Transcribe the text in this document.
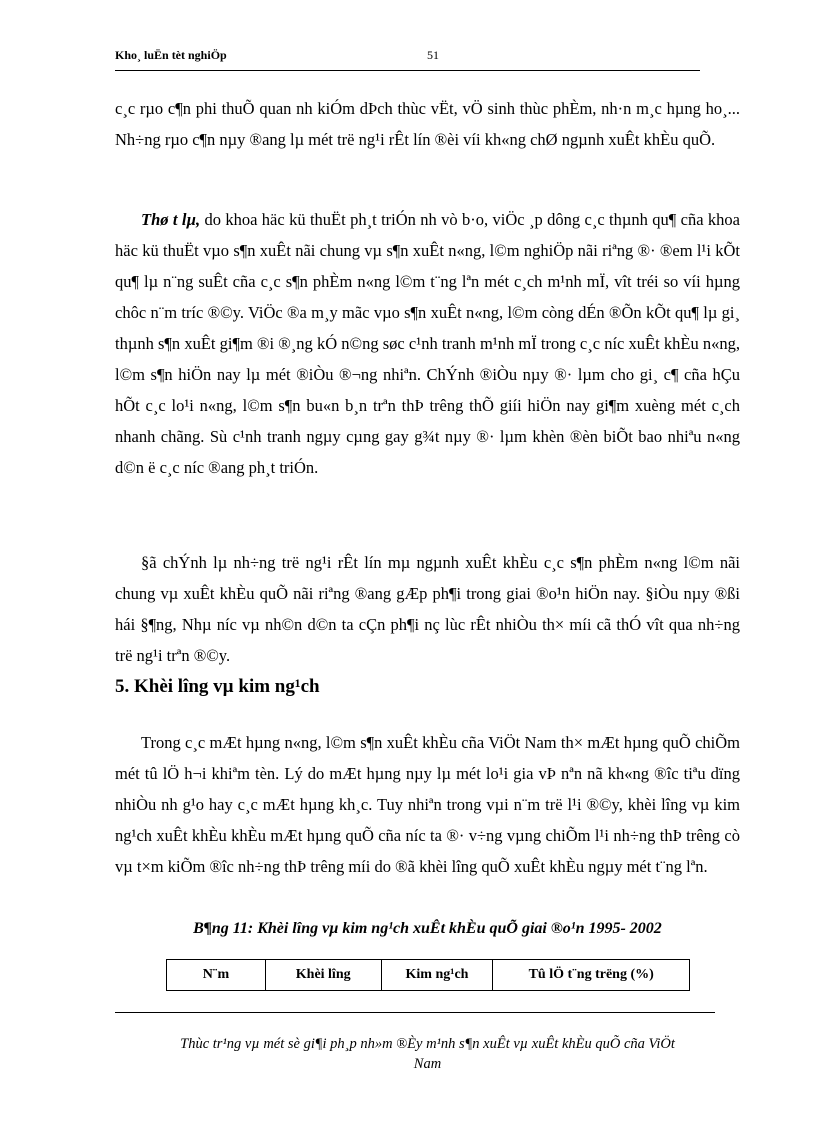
Kho¸ luËn tèt nghiÖp	51

c¸c rµo c¶n phi thuÕ quan nh kiÓm dÞch thùc vËt, vÖ sinh thùc phÈm, nh·n m¸c hµng ho¸... Nh÷ng rµo c¶n nµy ®ang lµ mét trë ng¹i rÊt lín ®èi víi kh«ng chØ ngµnh xuÊt khÈu quÕ.

Thø t lµ, do khoa häc kü thuËt ph¸t triÓn nh vò b·o, viÖc ¸p dông c¸c thµnh qu¶ cña khoa häc kü thuËt vµo s¶n xuÊt nãi chung vµ s¶n xuÊt n«ng, l©m nghiÖp nãi riªng ®· ®em l¹i kÕt qu¶ lµ n¨ng suÊt cña c¸c s¶n phÈm n«ng l©m t¨ng lªn mét c¸ch m¹nh mÏ, vît tréi so víi hµng chôc n¨m tríc ®©y. ViÖc ®a m¸y mãc vµo s¶n xuÊt n«ng, l©m còng dÉn ®Õn kÕt qu¶ lµ gi¸ thµnh s¶n xuÊt gi¶m ®i ®¸ng kÓ n©ng søc c¹nh tranh m¹nh mÏ trong c¸c níc xuÊt khÈu n«ng, l©m s¶n hiÖn nay lµ mét ®iÒu ®¬ng nhiªn. ChÝnh ®iÒu nµy ®· lµm cho gi¸ c¶ cña hÇu hÕt c¸c lo¹i n«ng, l©m s¶n bu«n b¸n trªn thÞ trêng thÕ giíi hiÖn nay gi¶m xuèng mét c¸ch nhanh chãng. Sù c¹nh tranh ngµy cµng gay g¾t nµy ®· lµm khèn ®èn biÕt bao nhiªu n«ng d©n ë c¸c níc ®ang ph¸t triÓn.

§ã chÝnh lµ nh÷ng trë ng¹i rÊt lín mµ ngµnh xuÊt khÈu c¸c s¶n phÈm n«ng l©m nãi chung vµ xuÊt khÈu quÕ nãi riªng ®ang gÆp ph¶i trong giai ®o¹n hiÖn nay. §iÒu nµy ®ßi hái §¶ng, Nhµ níc vµ nh©n d©n ta cÇn ph¶i nç lùc rÊt nhiÒu th× míi cã thÓ vît qua nh÷ng trë ng¹i trªn ®©y.

5. Khèi lîng vµ kim ng¹ch

Trong c¸c mÆt hµng n«ng, l©m s¶n xuÊt khÈu cña ViÖt Nam th× mÆt hµng quÕ chiÕm mét tû lÖ h¬i khiªm tèn. Lý do mÆt hµng nµy lµ mét lo¹i gia vÞ nªn nã kh«ng ®îc tiªu dïng nhiÒu nh g¹o hay c¸c mÆt hµng kh¸c. Tuy nhiªn trong vµi n¨m trë l¹i ®©y, khèi lîng vµ kim ng¹ch xuÊt khÈu khÈu mÆt hµng quÕ cña níc ta ®· v÷ng vµng chiÕm l¹i nh÷ng thÞ trêng cò vµ t×m kiÕm ®îc nh÷ng thÞ trêng míi do ®ã khèi lîng quÕ xuÊt khÈu ngµy mét t¨ng lªn.

B¶ng 11: Khèi lîng vµ kim ng¹ch xuÊt khÈu quÕ giai ®o¹n 1995- 2002
N¨m	Khèi lîng	Kim ng¹ch	Tû lÖ t¨ng trëng (%)
Thùc tr¹ng vµ mét sè gi¶i ph¸p nh»m ®Èy m¹nh s¶n xuÊt vµ xuÊt khÈu quÕ cña ViÖt
Nam
